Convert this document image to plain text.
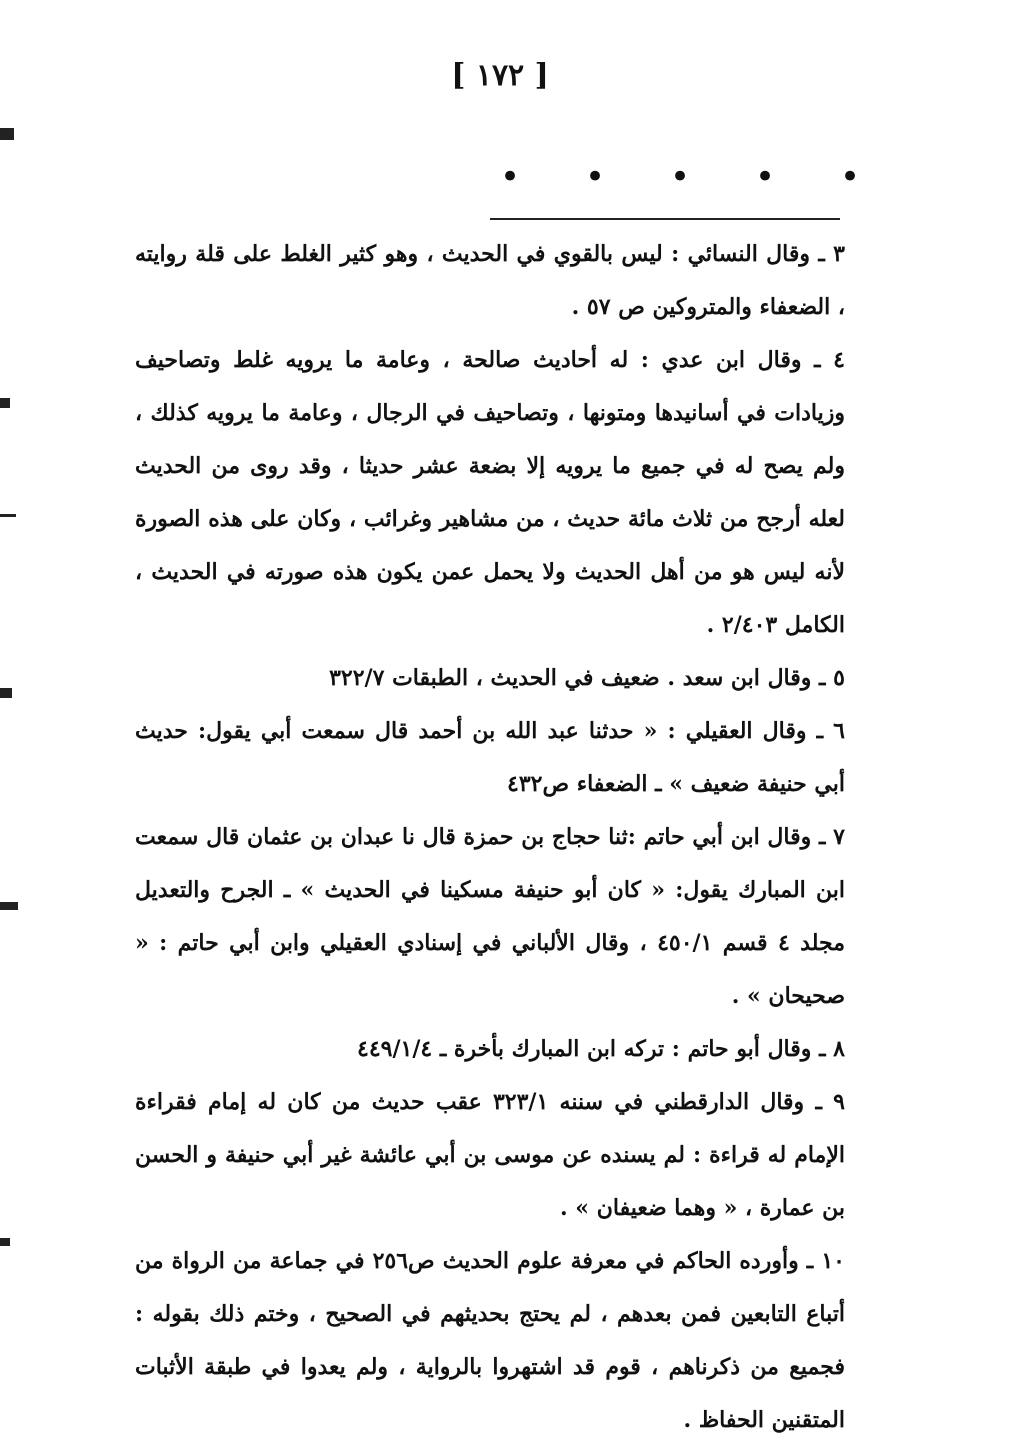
[ ١٧٢ ]
•
•
•
•
•

٣ ـ وقال النسائي : ليس بالقوي في الحديث ، وهو كثير الغلط على قلة روايته ، الضعفاء والمتروكين ص ٥٧ .

٤ ـ وقال ابن عدي : له أحاديث صالحة ، وعامة ما يرويه غلط وتصاحيف وزيادات في أسانيدها ومتونها ، وتصاحيف في الرجال ، وعامة ما يرويه كذلك ، ولم يصح له في جميع ما يرويه إلا بضعة عشر حديثا ، وقد روى من الحديث لعله أرجح من ثلاث مائة حديث ، من مشاهير وغرائب ، وكان على هذه الصورة لأنه ليس هو من أهل الحديث ولا يحمل عمن يكون هذه صورته في الحديث ، الكامل ٢/٤٠٣ .

٥ ـ وقال ابن سعد . ضعيف في الحديث ، الطبقات ٣٢٢/٧

٦ ـ وقال العقيلي : « حدثنا عبد الله بن أحمد قال سمعت أبي يقول: حديث أبي حنيفة ضعيف » ـ الضعفاء ص٤٣٢

٧ ـ وقال ابن أبي حاتم :ثنا حجاج بن حمزة قال نا عبدان بن عثمان قال سمعت ابن المبارك يقول: « كان أبو حنيفة مسكينا في الحديث » ـ الجرح والتعديل مجلد ٤ قسم ٤٥٠/١ ، وقال الألباني في إسنادي العقيلي وابن أبي حاتم : « صحيحان » .

٨ ـ وقال أبو حاتم : تركه ابن المبارك بأخرة ـ ٤٤٩/١/٤

٩ ـ وقال الدارقطني في سننه ٣٢٣/١ عقب حديث من كان له إمام فقراءة الإمام له قراءة : لم يسنده عن موسى بن أبي عائشة غير أبي حنيفة و الحسن بن عمارة ، « وهما ضعيفان » .

١٠ ـ وأورده الحاكم في معرفة علوم الحديث ص٢٥٦ في جماعة من الرواة من أتباع التابعين فمن بعدهم ، لم يحتج بحديثهم في الصحيح ، وختم ذلك بقوله : فجميع من ذكرناهم ، قوم قد اشتهروا بالرواية ، ولم يعدوا في طبقة الأثبات المتقنين الحفاظ .
